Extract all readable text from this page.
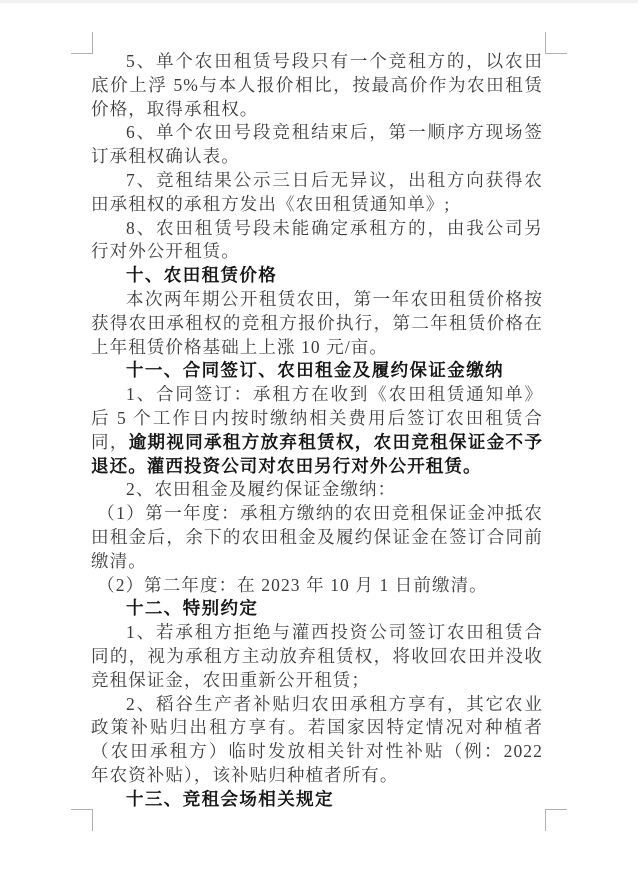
5、单个农田租赁号段只有一个竞租方的，以农田底价上浮 5%与本人报价相比，按最高价作为农田租赁价格，取得承租权。

6、单个农田号段竞租结束后，第一顺序方现场签订承租权确认表。

7、竞租结果公示三日后无异议，出租方向获得农田承租权的承租方发出《农田租赁通知单》;

8、农田租赁号段未能确定承租方的，由我公司另行对外公开租赁。

十、农田租赁价格

本次两年期公开租赁农田，第一年农田租赁价格按获得农田承租权的竞租方报价执行，第二年租赁价格在上年租赁价格基础上上涨 10 元/亩。

十一、合同签订、农田租金及履约保证金缴纳

1、合同签订：承租方在收到《农田租赁通知单》后 5 个工作日内按时缴纳相关费用后签订农田租赁合同，逾期视同承租方放弃租赁权，农田竞租保证金不予退还。灌西投资公司对农田另行对外公开租赁。

2、农田租金及履约保证金缴纳：

（1）第一年度：承租方缴纳的农田竞租保证金冲抵农田租金后，余下的农田租金及履约保证金在签订合同前缴清。

（2）第二年度：在 2023 年 10 月 1 日前缴清。

十二、特别约定

1、若承租方拒绝与灌西投资公司签订农田租赁合同的，视为承租方主动放弃租赁权，将收回农田并没收竞租保证金，农田重新公开租赁；

2、稻谷生产者补贴归农田承租方享有，其它农业政策补贴归出租方享有。若国家因特定情况对种植者（农田承租方）临时发放相关针对性补贴（例：2022 年农资补贴），该补贴归种植者所有。

十三、竞租会场相关规定
